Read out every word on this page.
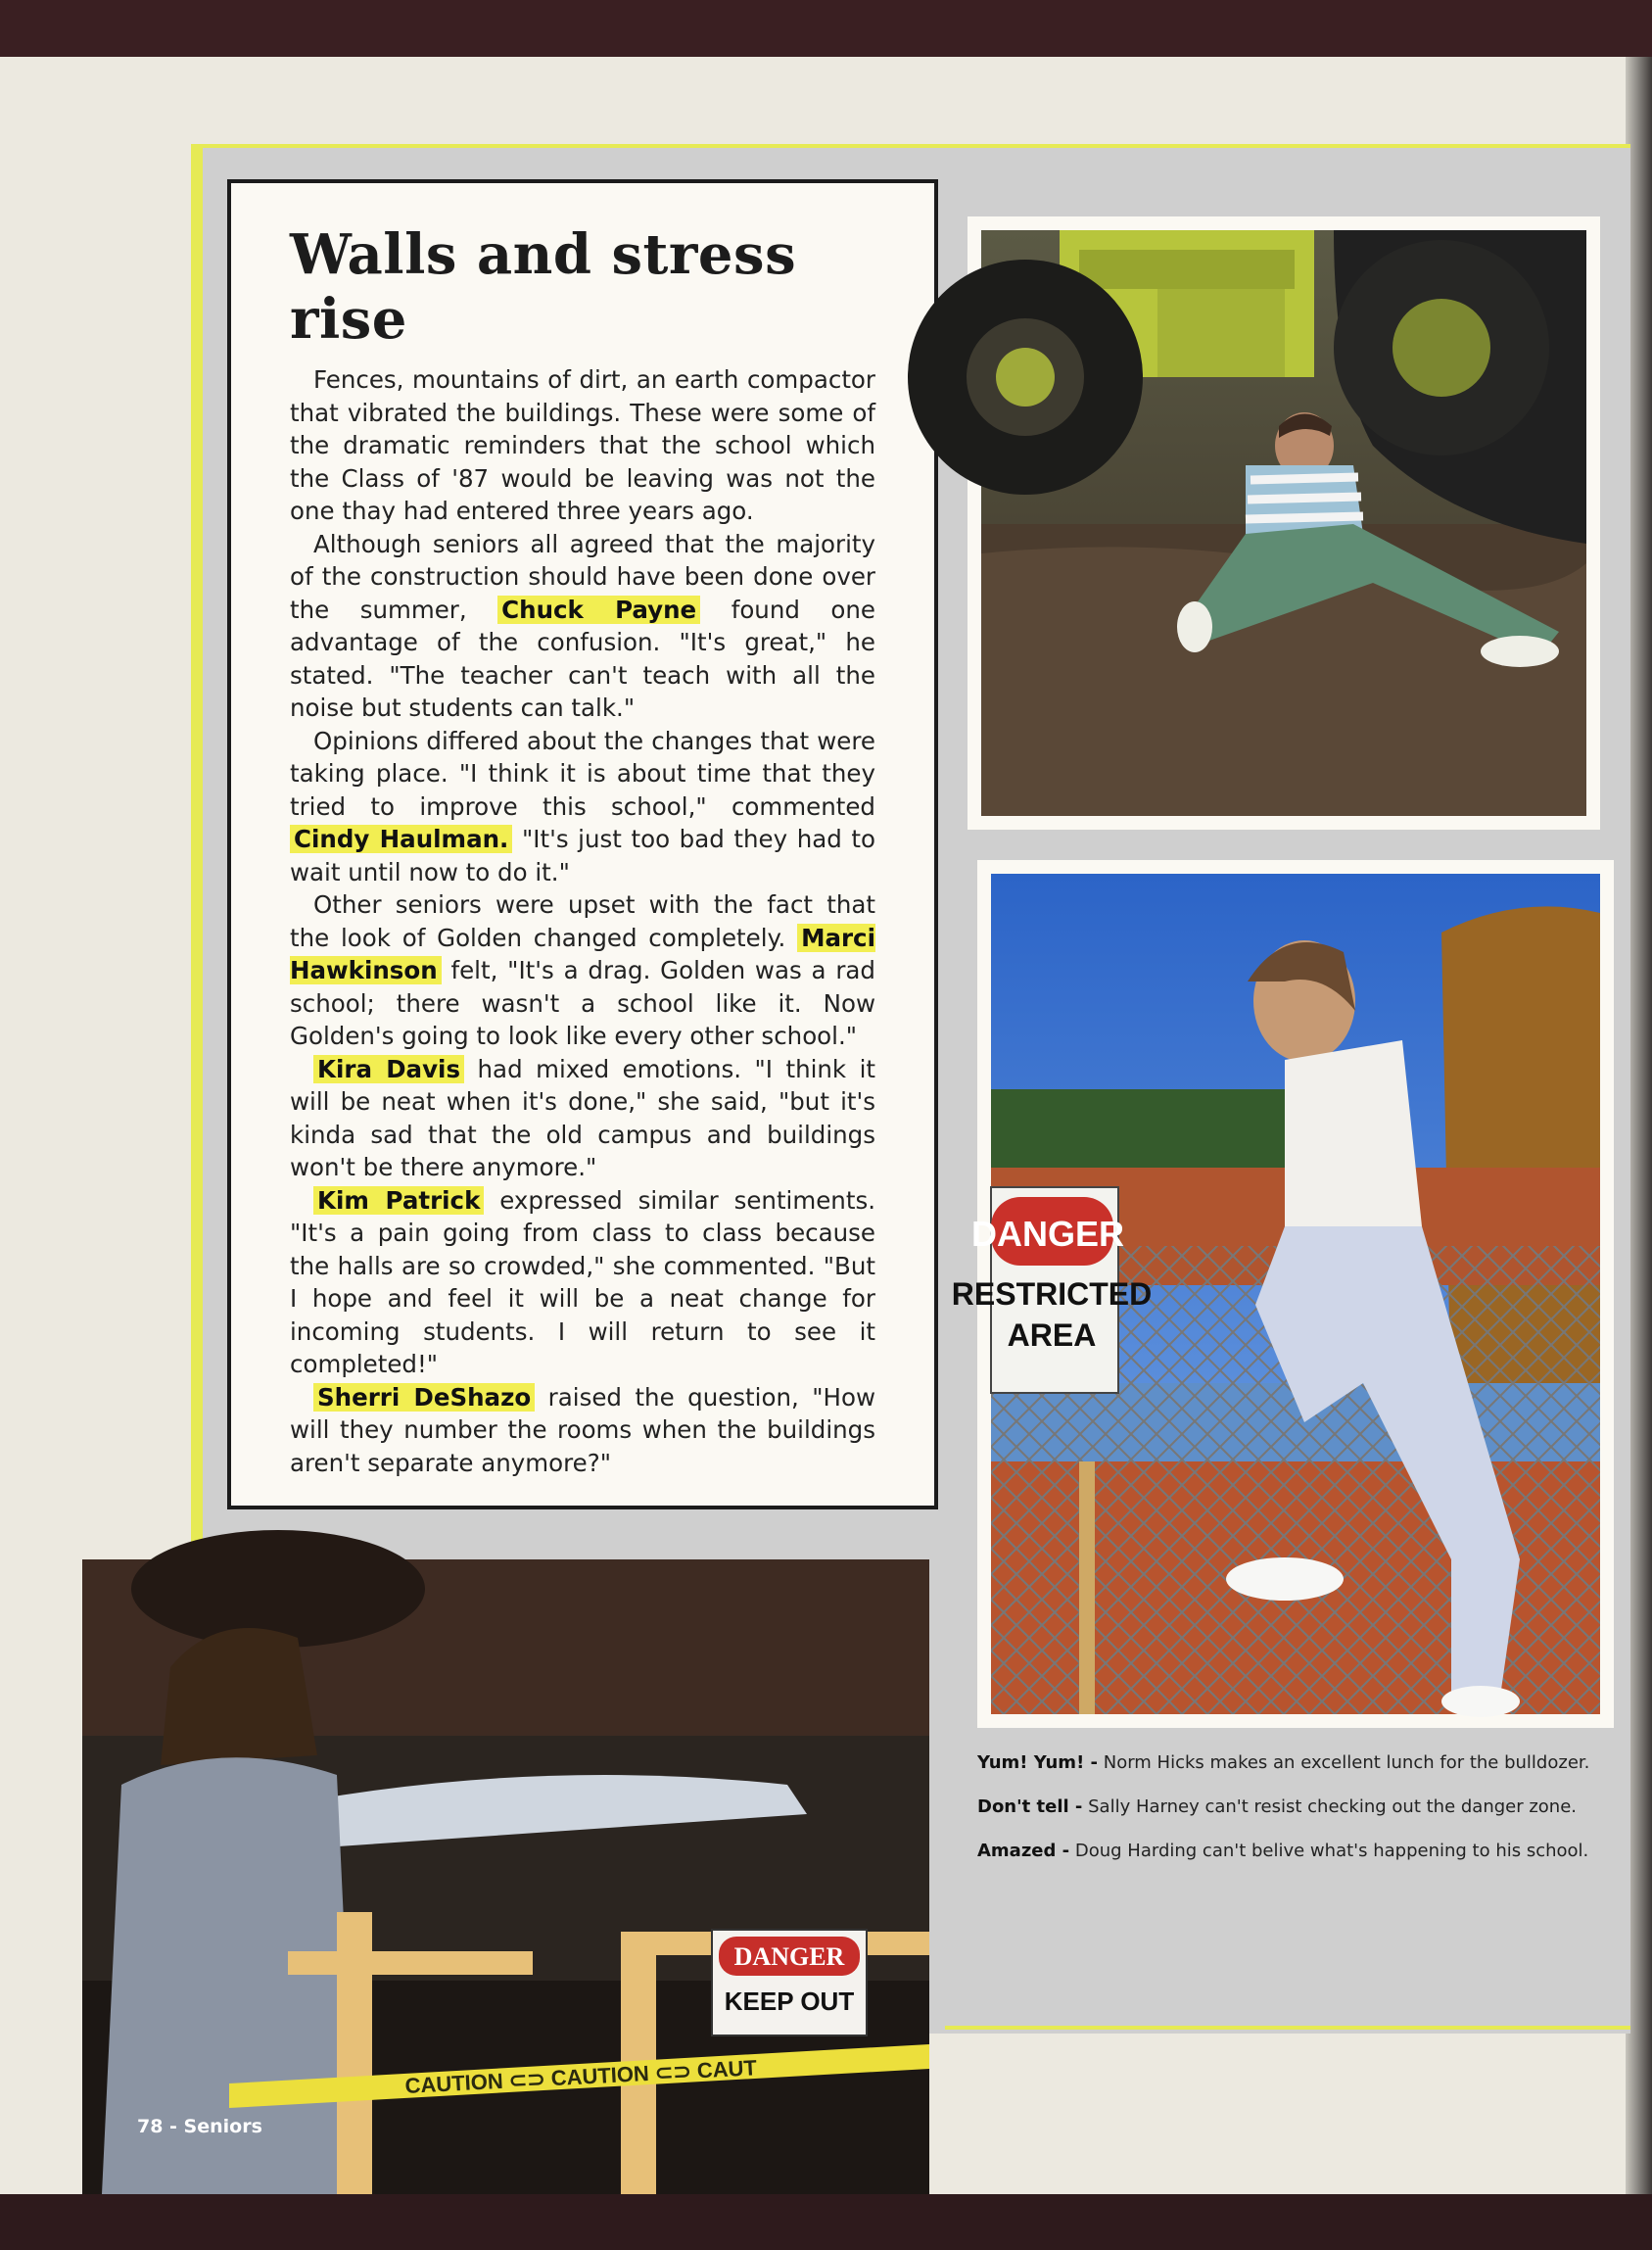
Walls and stress rise

Fences, mountains of dirt, an earth compactor that vibrated the buildings. These were some of the dramatic reminders that the school which the Class of '87 would be leaving was not the one thay had entered three years ago.

Although seniors all agreed that the majority of the construction should have been done over the summer, Chuck Payne found one advantage of the confusion. "It's great," he stated. "The teacher can't teach with all the noise but students can talk."

Opinions differed about the changes that were taking place. "I think it is about time that they tried to improve this school," commented Cindy Haulman. "It's just too bad they had to wait until now to do it."

Other seniors were upset with the fact that the look of Golden changed completely. Marci Hawkinson felt, "It's a drag. Golden was a rad school; there wasn't a school like it. Now Golden's going to look like every other school."

Kira Davis had mixed emotions. "I think it will be neat when it's done," she said, "but it's kinda sad that the old campus and buildings won't be there anymore."

Kim Patrick expressed similar sentiments. "It's a pain going from class to class because the halls are so crowded," she commented. "But I hope and feel it will be a neat change for incoming students. I will return to see it completed!"

Sherri DeShazo raised the question, "How will they number the rooms when the buildings aren't separate anymore?"

DANGER
RESTRICTED
AREA
DANGER
KEEP OUT
CAUTION ⊂⊃ CAUTION ⊂⊃ CAUT
78 - Seniors

Yum! Yum! - Norm Hicks makes an excellent lunch for the bulldozer.

Don't tell - Sally Harney can't resist checking out the danger zone.

Amazed - Doug Harding can't belive what's happening to his school.
